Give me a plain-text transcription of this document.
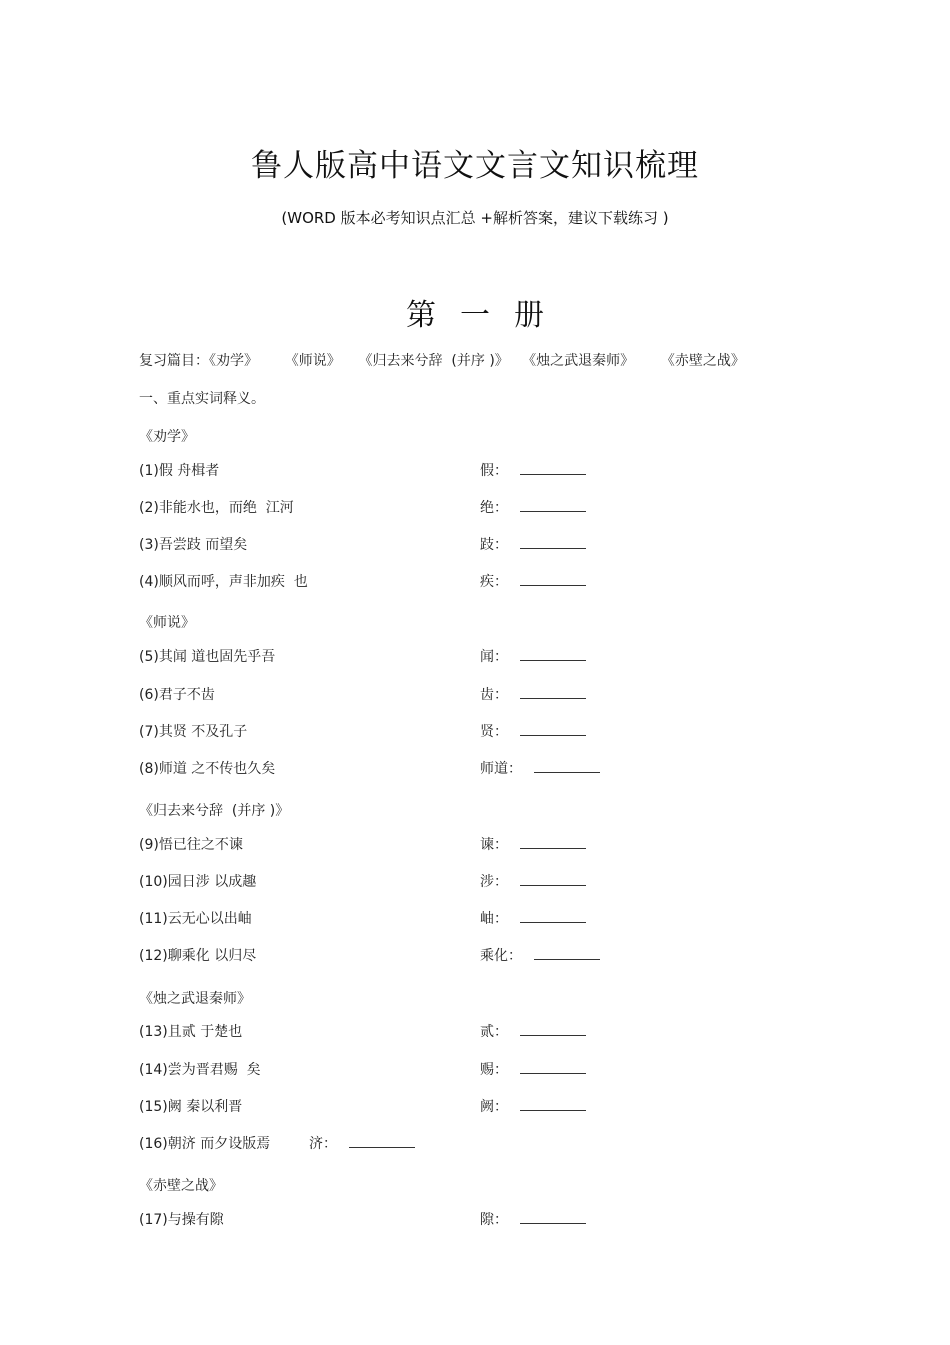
鲁人版高中语文文言文知识梳理
(WORD 版本必考知识点汇总 +解析答案，建议下载练习 )
第一册
复习篇目：《劝学》      《师说》    《归去来兮辞  (并序 )》   《烛之武退秦师》      《赤壁之战》
一、重点实词释义。
《劝学》
(1)假 舟楫者	假：
(2)非能水也，而绝  江河	绝：
(3)吾尝跂 而望矣	跂：
(4)顺风而呼，声非加疾  也	疾：
《师说》
(5)其闻 道也固先乎吾	闻：
(6)君子不齿	齿：
(7)其贤 不及孔子	贤：
(8)师道 之不传也久矣	师道：
《归去来兮辞  (并序 )》
(9)悟已往之不谏	谏：
(10)园日涉 以成趣	涉：
(11)云无心以出岫	岫：
(12)聊乘化 以归尽	乘化：
《烛之武退秦师》
(13)且贰 于楚也	贰：
(14)尝为晋君赐  矣	赐：
(15)阙 秦以利晋	阙：
(16)朝济 而夕设版焉	济：
《赤壁之战》
(17)与操有隙	隙：
